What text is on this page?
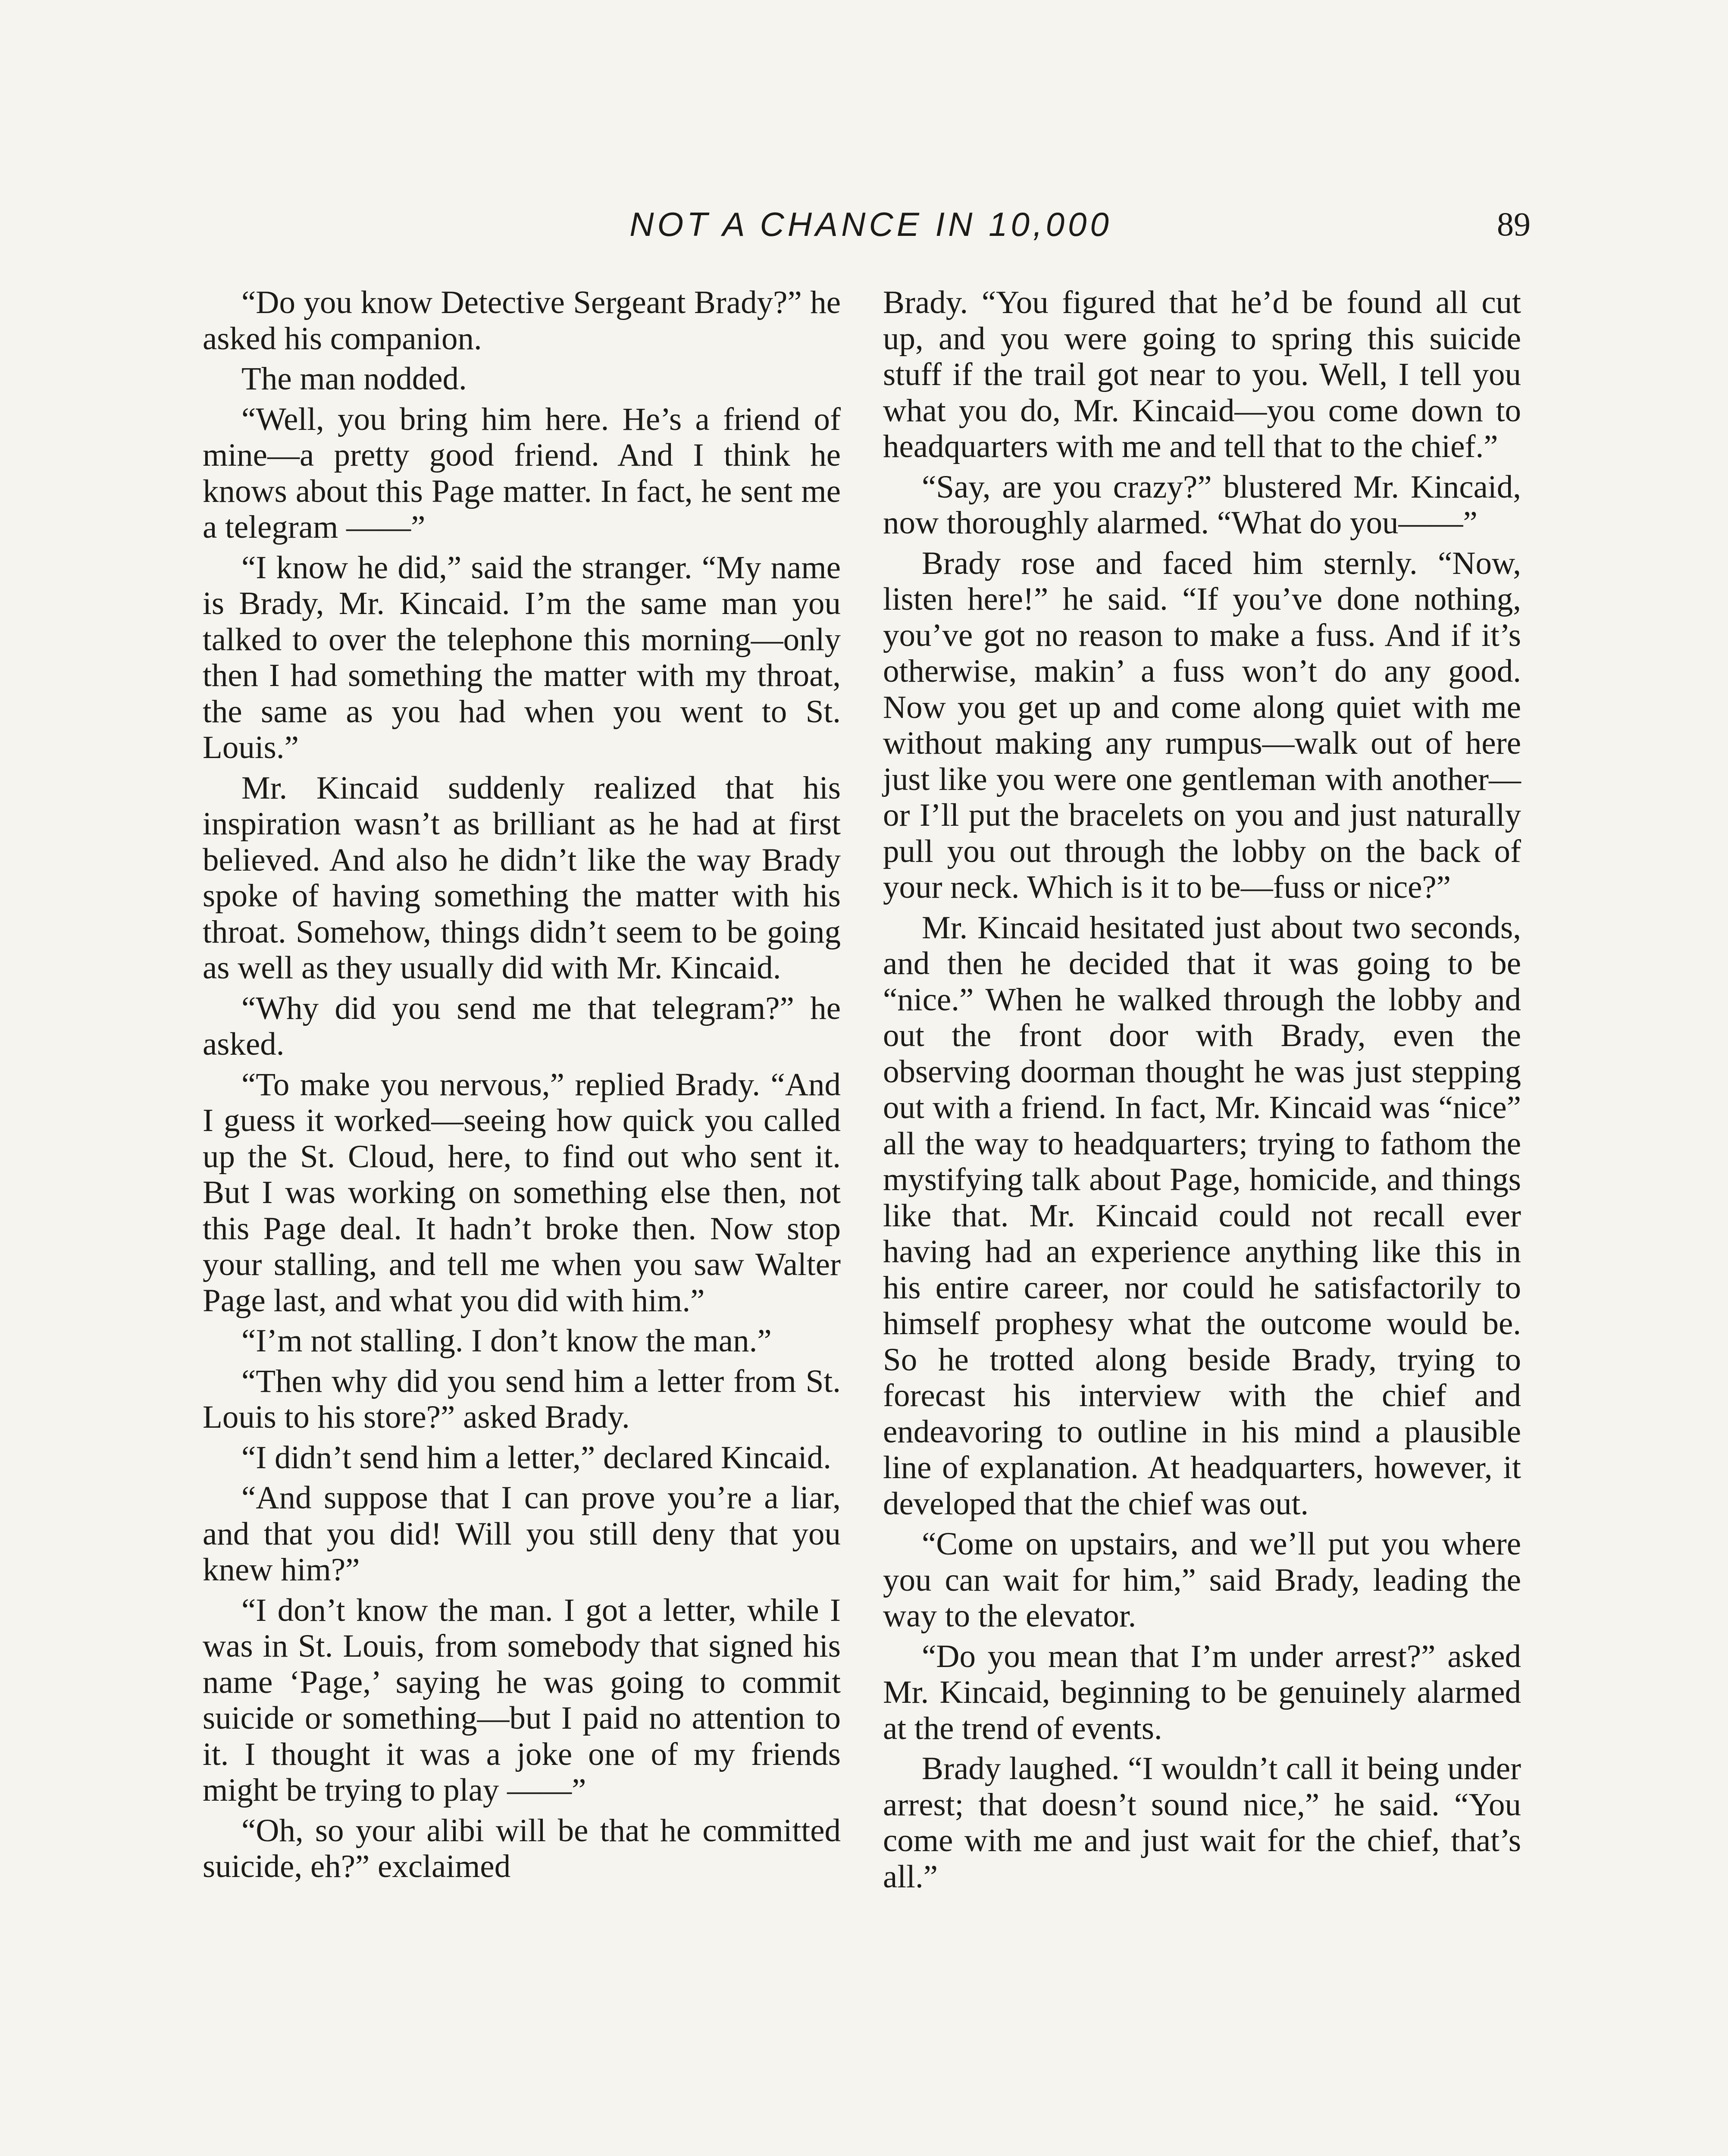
NOT A CHANCE IN 10,000	89

“Do you know Detective Sergeant Brady?” he asked his companion.

The man nodded.

“Well, you bring him here. He’s a friend of mine—a pretty good friend. And I think he knows about this Page matter. In fact, he sent me a telegram ——”

“I know he did,” said the stranger. “My name is Brady, Mr. Kincaid. I’m the same man you talked to over the telephone this morning—only then I had something the matter with my throat, the same as you had when you went to St. Louis.”

Mr. Kincaid suddenly realized that his inspiration wasn’t as brilliant as he had at first believed. And also he didn’t like the way Brady spoke of having something the matter with his throat. Somehow, things didn’t seem to be going as well as they usually did with Mr. Kincaid.

“Why did you send me that telegram?” he asked.

“To make you nervous,” replied Brady. “And I guess it worked—seeing how quick you called up the St. Cloud, here, to find out who sent it. But I was working on something else then, not this Page deal. It hadn’t broke then. Now stop your stalling, and tell me when you saw Walter Page last, and what you did with him.”

“I’m not stalling. I don’t know the man.”

“Then why did you send him a letter from St. Louis to his store?” asked Brady.

“I didn’t send him a letter,” declared Kincaid.

“And suppose that I can prove you’re a liar, and that you did! Will you still deny that you knew him?”

“I don’t know the man. I got a letter, while I was in St. Louis, from somebody that signed his name ‘Page,’ saying he was going to commit suicide or something—but I paid no attention to it. I thought it was a joke one of my friends might be trying to play ——”

“Oh, so your alibi will be that he committed suicide, eh?” exclaimed

Brady. “You figured that he’d be found all cut up, and you were going to spring this suicide stuff if the trail got near to you. Well, I tell you what you do, Mr. Kincaid—you come down to headquarters with me and tell that to the chief.”

“Say, are you crazy?” blustered Mr. Kincaid, now thoroughly alarmed. “What do you——”

Brady rose and faced him sternly. “Now, listen here!” he said. “If you’ve done nothing, you’ve got no reason to make a fuss. And if it’s otherwise, makin’ a fuss won’t do any good. Now you get up and come along quiet with me without making any rumpus—walk out of here just like you were one gentleman with another—or I’ll put the bracelets on you and just naturally pull you out through the lobby on the back of your neck. Which is it to be—fuss or nice?”

Mr. Kincaid hesitated just about two seconds, and then he decided that it was going to be “nice.” When he walked through the lobby and out the front door with Brady, even the observing doorman thought he was just stepping out with a friend. In fact, Mr. Kincaid was “nice” all the way to headquarters; trying to fathom the mystifying talk about Page, homicide, and things like that. Mr. Kincaid could not recall ever having had an experience anything like this in his entire career, nor could he satisfactorily to himself prophesy what the outcome would be. So he trotted along beside Brady, trying to forecast his interview with the chief and endeavoring to outline in his mind a plausible line of explanation. At headquarters, however, it developed that the chief was out.

“Come on upstairs, and we’ll put you where you can wait for him,” said Brady, leading the way to the elevator.

“Do you mean that I’m under arrest?” asked Mr. Kincaid, beginning to be genuinely alarmed at the trend of events.

Brady laughed. “I wouldn’t call it being under arrest; that doesn’t sound nice,” he said. “You come with me and just wait for the chief, that’s all.”
